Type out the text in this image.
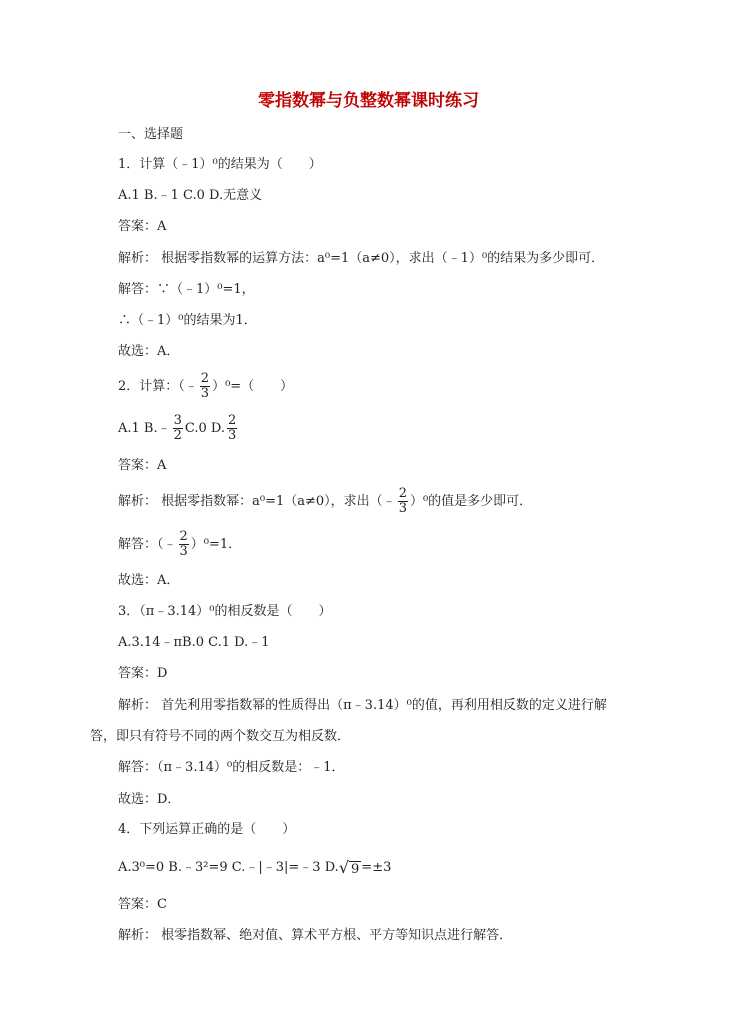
零指数幂与负整数幂课时练习
一、选择题
1．计算（﹣1）⁰的结果为（　　）
A.1 B.﹣1 C.0 D.无意义
答案：A
解析： 根据零指数幂的运算方法：a⁰=1（a≠0），求出（﹣1）⁰的结果为多少即可．
解答：∵（﹣1）⁰=1，
∴（﹣1）⁰的结果为1．
故选：A．
2．计算：（﹣ $\frac{2}{3} )^0=$（　　）
A.1 B.﹣ $\frac{3}{2} C.0$ D. $\frac{2}{3}$
答案：A
解析： 根据零指数幂：a⁰=1（a≠0），求出（﹣ $\frac{2}{3} )^0$的值是多少即可．
解答：（﹣ $\frac{2}{3} )^0=1$．
故选：A．
3．（π﹣3.14）⁰的相反数是（　　）
A.3.14﹣πB.0 C.1 D.﹣1
答案：D
解析： 首先利用零指数幂的性质得出（π﹣3.14）⁰的值，再利用相反数的定义进行解
答，即只有符号不同的两个数交互为相反数．
解答：（π﹣3.14）⁰的相反数是：﹣1．
故选：D．
4．下列运算正确的是（　　）
A.3⁰=0 B.﹣3²=9 C.﹣|﹣3|=﹣3 D. √ 9 =±3
答案：C
解析： 根零指数幂、绝对值、算术平方根、平方等知识点进行解答．
